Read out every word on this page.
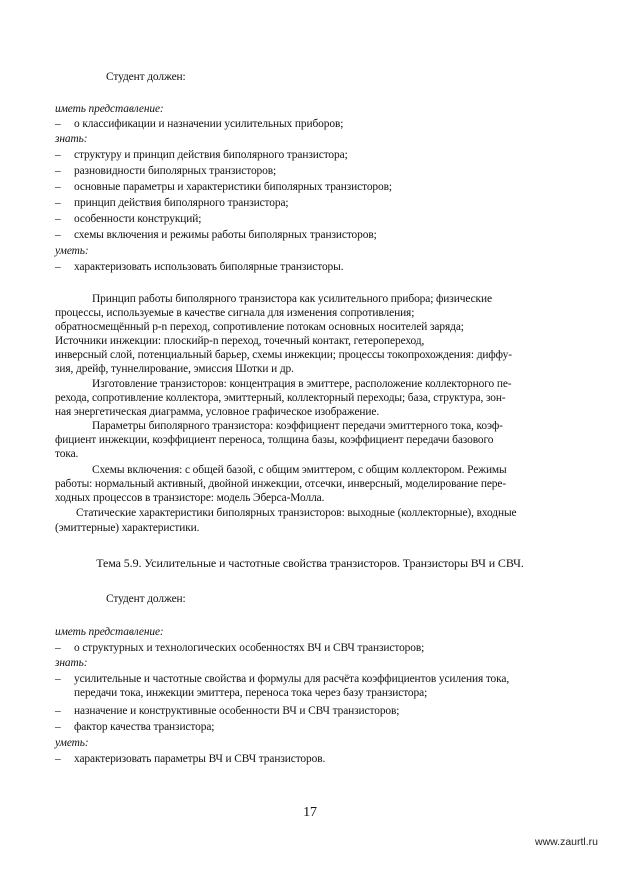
Студент должен:
иметь представление:
– о классификации и назначении усилительных приборов;
знать:
– структуру и принцип действия биполярного транзистора;
– разновидности биполярных транзисторов;
– основные параметры и характеристики биполярных транзисторов;
– принцип действия биполярного транзистора;
– особенности конструкций;
– схемы включения и режимы работы биполярных транзисторов;
уметь:
– характеризовать использовать биполярные транзисторы.
Принцип работы биполярного транзистора как усилительного прибора; физические
процессы, используемые в качестве сигнала для изменения сопротивления;
обратносмещённый p-n переход, сопротивление потокам основных носителей заряда;
Источники инжекции: плоскийр-n переход, точечный контакт, гетеропереход,
инверсный слой, потенциальный барьер, схемы инжекции; процессы токопрохождения: диффу-
зия, дрейф, туннелирование, эмиссия Шотки и др.
Изготовление транзисторов: концентрация в эмиттере, расположение коллекторного пе-
рехода, сопротивление коллектора, эмиттерный, коллекторный переходы; база, структура, зон-
ная энергетическая диаграмма, условное графическое изображение.
Параметры биполярного транзистора: коэффициент передачи эмиттерного тока, коэф-
фициент инжекции, коэффициент переноса, толщина базы, коэффициент передачи базового
тока.
Схемы включения: с общей базой, с общим эмиттером, с общим коллектором. Режимы
работы: нормальный активный, двойной инжекции, отсечки, инверсный, моделирование пере-
ходных процессов в транзисторе: модель Эберса-Молла.
Статические характеристики биполярных транзисторов: выходные (коллекторные), входные
(эмиттерные) характеристики.
Тема 5.9. Усилительные и частотные свойства транзисторов. Транзисторы ВЧ и СВЧ.
Студент должен:
иметь представление:
– о структурных и технологических особенностях ВЧ и СВЧ транзисторов;
знать:
– усилительные и частотные свойства и формулы для расчёта коэффициентов усиления тока,
передачи тока, инжекции эмиттера, переноса тока через базу транзистора;
– назначение и конструктивные особенности ВЧ и СВЧ транзисторов;
– фактор качества транзистора;
уметь:
– характеризовать параметры ВЧ и СВЧ транзисторов.
17
www.zaurtl.ru
